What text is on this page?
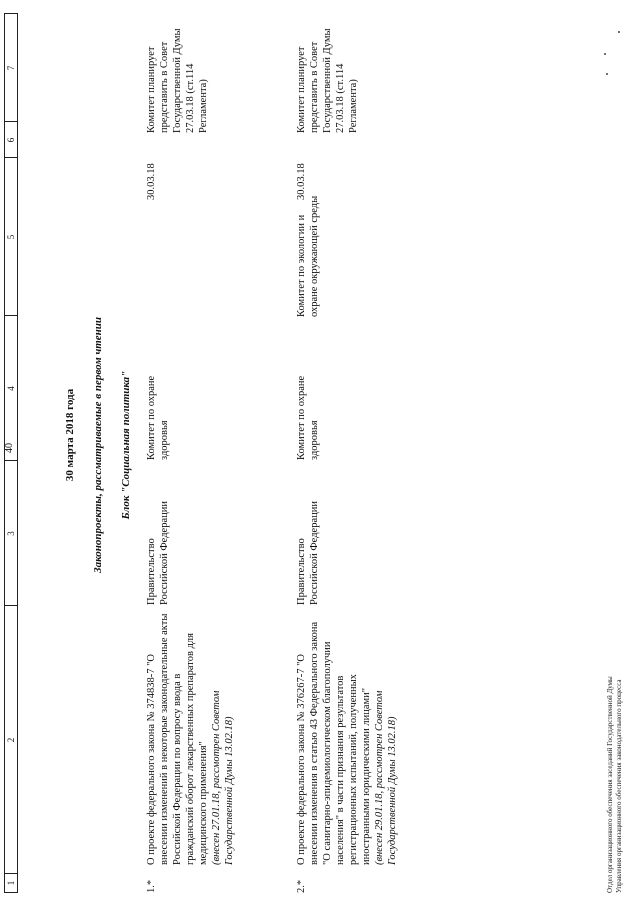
40
1
2
3
4
5
6
7
30 марта 2018 года Законопроекты, рассматриваемые в первом чтении Блок "Социальная политика"
1.*
О проекте федерального закона № 374838-7 "О внесении изменений в некоторые законодательные акты Российской Федерации по вопросу ввода в гражданский оборот лекарственных препаратов для медицинского применения" (внесен 27.01.18, рассмотрен Советом Государственной Думы 13.02.18)
Правительство Российской Федерации
Комитет по охране здоровья
30.03.18
Комитет планирует представить в Совет Государственной Думы 27.03.18 (ст.114 Регламента)
2.*
О проекте федерального закона № 376267-7 "О внесении изменения в статью 43 Федерального закона "О санитарно-эпидемиологическом благополучии населения" в части признания результатов регистрационных испытаний, полученных иностранными юридическими лицами" (внесен 29.01.18, рассмотрен Советом Государственной Думы 13.02.18)
Правительство Российской Федерации
Комитет по охране здоровья
Комитет по экологии и охране окружающей среды
30.03.18
Комитет планирует представить в Совет Государственной Думы 27.03.18 (ст.114 Регламента)
Отдел организационного обеспечения заседаний Государственной Думы Управления организационного обеспечения законодательного процесса
